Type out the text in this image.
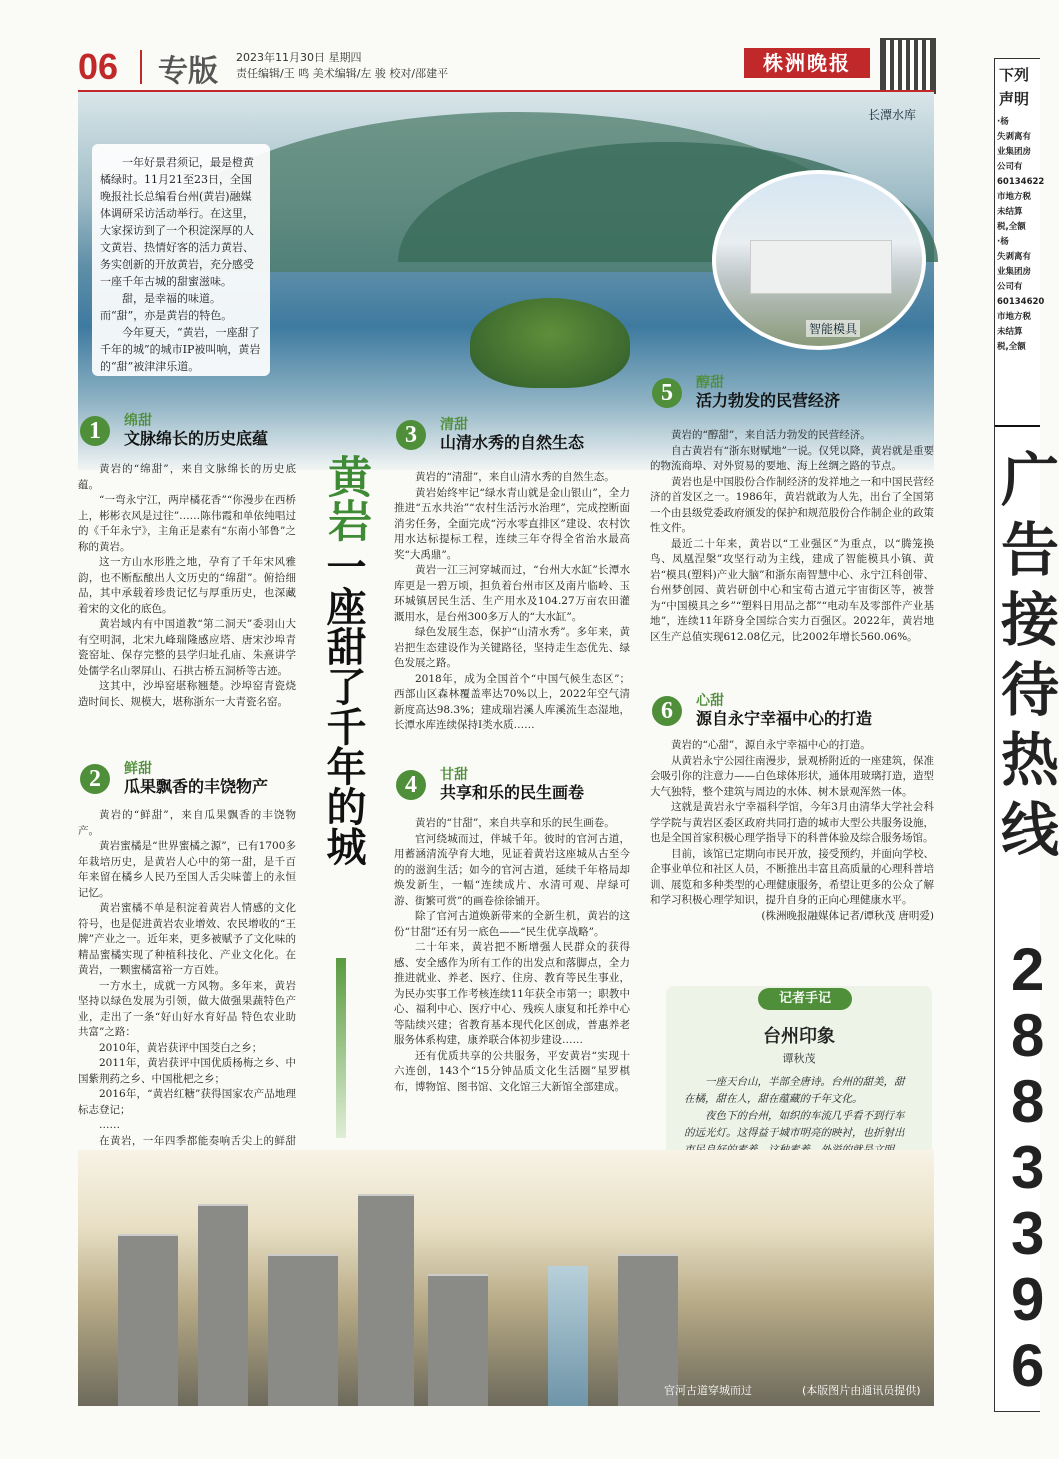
06 专版 2023年11月30日 星期四
责任编辑/王 鸣 美术编辑/左 骏 校对/邵建平	株洲晚报
长潭水库
智能模具

一年好景君须记，最是橙黄橘绿时。11月21至23日，全国晚报社长总编看台州(黄岩)融媒体调研采访活动举行。在这里，大家探访到了一个积淀深厚的人文黄岩、热情好客的活力黄岩、务实创新的开放黄岩，充分感受一座千年古城的甜蜜滋味。

甜，是幸福的味道。而“甜”，亦是黄岩的特色。

今年夏天，“黄岩，一座甜了千年的城”的城市IP被叫响，黄岩的“甜”被津津乐道。

黄岩
一座甜了千年的城
1	绵甜
文脉绵长的历史底蕴

黄岩的“绵甜”，来自文脉绵长的历史底蕴。

“一弯永宁江，两岸橘花香”“你漫步在西桥上，彬彬衣风是过往”……陈伟霞和单依纯唱过的《千年永宁》，主角正是素有“东南小邹鲁”之称的黄岩。

这一方山水形胜之地，孕育了千年宋风雅韵，也不断酝酿出人文历史的“绵甜”。俯拾细品，其中承载着珍贵记忆与厚重历史，也深藏着宋的文化的底色。

黄岩域内有中国道教“第二洞天”委羽山大有空明洞，北宋九峰瑞隆感应塔、唐宋沙埠青瓷窑址、保存完整的县学归址孔庙、朱熹讲学处儒学名山翠屏山、石拱古桥五洞桥等古迹。

这其中，沙埠窑堪称翘楚。沙埠窑青瓷烧造时间长、规模大，堪称浙东一大青瓷名窑。

2	鲜甜
瓜果飘香的丰饶物产

黄岩的“鲜甜”，来自瓜果飘香的丰饶物产。

黄岩蜜橘是“世界蜜橘之源”，已有1700多年栽培历史，是黄岩人心中的第一甜，是千百年来留在橘乡人民乃至国人舌尖味蕾上的永恒记忆。

黄岩蜜橘不单是积淀着黄岩人情感的文化符号，也是促进黄岩农业增效、农民增收的“王牌”产业之一。近年来，更多被赋予了文化味的精品蜜橘实现了种植科技化、产业文化化。在黄岩，一颗蜜橘富裕一方百姓。

一方水土，成就一方风物。多年来，黄岩坚持以绿色发展为引领，做大做强果蔬特色产业，走出了一条“好山好水育好品 特色农业助共富”之路：

2010年，黄岩获评中国茭白之乡；

2011年，黄岩获评中国优质杨梅之乡、中国紫荆药之乡、中国枇杷之乡；

2016年，“黄岩红糖”获得国家农产品地理标志登记；

……

在黄岩，一年四季都能奏响舌尖上的鲜甜

3	清甜
山清水秀的自然生态

黄岩的“清甜”，来自山清水秀的自然生态。

黄岩始终牢记“绿水青山就是金山银山”，全力推进“五水共治”“农村生活污水治理”，完成控断面消劣任务，全面完成“污水零直排区”建设、农村饮用水达标提标工程，连续三年夺得全省治水最高奖“大禹鼎”。

黄岩一江三河穿城而过，“台州大水缸”长潭水库更是一碧万顷，担负着台州市区及南片临岭、玉环城镇居民生活、生产用水及104.27万亩农田灌溉用水，是台州300多万人的“大水缸”。

绿色发展生态，保护“山清水秀”。多年来，黄岩把生态建设作为关键路径，坚持走生态优先、绿色发展之路。

2018年，成为全国首个“中国气候生态区”；西部山区森林覆盖率达70%以上，2022年空气清新度高达98.3%；建成瑞岩溪人库溪流生态湿地，长潭水库连续保持Ⅰ类水质……

4	甘甜
共享和乐的民生画卷

黄岩的“甘甜”，来自共享和乐的民生画卷。

官河绕城而过，伴城千年。彼时的官河古道，用蓄涵清流孕育大地，见证着黄岩这座城从古至今的的滋润生活；如今的官河古道，延续千年格局却焕发新生，一幅“连续成片、水清可观、岸绿可游、街繁可赏”的画卷徐徐铺开。

除了官河古道焕新带来的全新生机，黄岩的这份“甘甜”还有另一底色——“民生优享战略”。

二十年来，黄岩把不断增强人民群众的获得感、安全感作为所有工作的出发点和落脚点，全力推进就业、养老、医疗、住房、教育等民生事业，为民办实事工作考核连续11年获全市第一；职教中心、福利中心、医疗中心、残疾人康复和托养中心等陆续兴建；省教育基本现代化区创成，普惠养老服务体系构建，康养联合体初步建设……

还有优质共享的公共服务，平安黄岩“实现十六连创，143个“15分钟品质文化生活圈”星罗棋布，博物馆、图书馆、文化馆三大新馆全部建成。

5	醇甜
活力勃发的民营经济

黄岩的“醇甜”，来自活力勃发的民营经济。

自古黄岩有“浙东财赋地”一说。仅凭以降，黄岩就是重要的物流商埠、对外贸易的要地、海上丝绸之路的节点。

黄岩也是中国股份合作制经济的发祥地之一和中国民营经济的首发区之一。1986年，黄岩就敢为人先，出台了全国第一个由县级党委政府颁发的保护和规范股份合作制企业的政策性文件。

最近二十年来，黄岩以“工业强区”为重点，以“腾笼换鸟、凤凰涅槃”攻坚行动为主线，建成了智能模具小镇、黄岩“模具(塑料)产业大脑”和浙东南智慧中心、永宁江科创带、台州梦创园、黄岩研创中心和宝荀古道元宇宙街区等，被誉为“中国模具之乡”“塑料日用品之都”“电动车及零部件产业基地”，连续11年跻身全国综合实力百强区。2022年，黄岩地区生产总值实现612.08亿元，比2002年增长560.06%。

6	心甜
源自永宁幸福中心的打造

黄岩的“心甜”，源自永宁幸福中心的打造。

从黄岩永宁公园往南漫步，景观桥附近的一座建筑，保准会吸引你的注意力——白色球体形状，通体用玻璃打造，造型大气独特，整个建筑与周边的水体、树木景观浑然一体。

这就是黄岩永宁幸福科学馆，今年3月由清华大学社会科学学院与黄岩区委区政府共同打造的城市大型公共服务设施，也是全国首家积极心理学指导下的科普体验及综合服务场馆。

目前，该馆已定期向市民开放，接受预约，并面向学校、企事业单位和社区人员，不断推出丰富且高质量的心理科普培训、展览和多种类型的心理健康服务，希望让更多的公众了解和学习积极心理学知识，提升自身的正向心理健康水平。

(株洲晚报融媒体记者/谭秋茂 唐明爱)

记者手记
台州印象
谭秋茂

一座天台山，半部全唐诗。台州的甜美，甜在橘，甜在人，甜在蕴藏的千年文化。

夜色下的台州，如织的车流几乎看不到行车的远光灯。这得益于城市明亮的映衬，也折射出

官河古道穿城而过	(本版图片由通讯员提供)
下列
声明
·杨
失剥离有
业集团房
公司有
60134622
市地方税
未结算
税,全额
·杨
失剥离有
业集团房
公司有
60134620
市地方税
未结算
税,全额
广
告
接
待
热
线
2
8
8
3
3
9
6
